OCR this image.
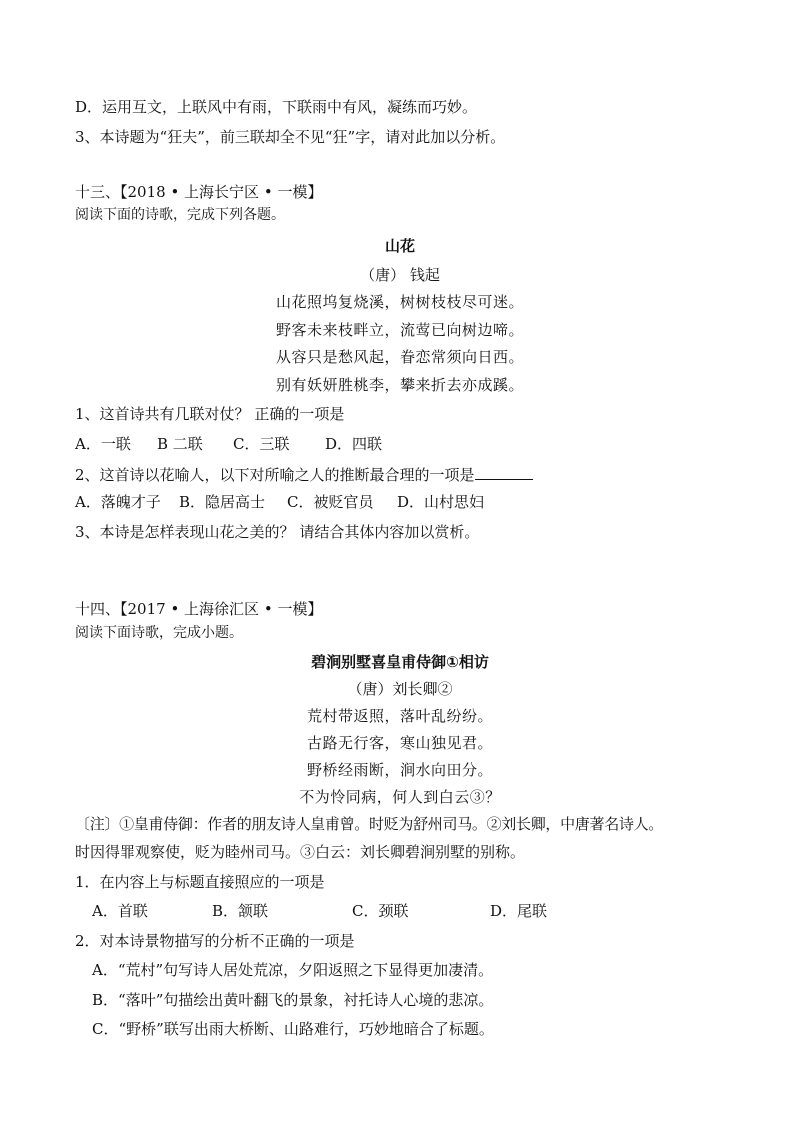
D．运用互文，上联风中有雨，下联雨中有风，凝练而巧妙。
3、本诗题为“狂夫”，前三联却全不见“狂”字，请对此加以分析。
十三、【2018 • 上海长宁区 • 一模】
阅读下面的诗歌，完成下列各题。
山花
（唐） 钱起
山花照坞复烧溪，树树枝枝尽可迷。
野客未来枝畔立，流莺已向树边啼。
从容只是愁风起，眷恋常须向日西。
别有妖妍胜桃李，攀来折去亦成蹊。
1、这首诗共有几联对仗？ 正确的一项是
A．一联 B 二联 C．三联 D．四联
2、这首诗以花喻人，以下对所喻之人的推断最合理的一项是
A．落魄才子 B．隐居高士 C．被贬官员 D．山村思妇
3、本诗是怎样表现山花之美的？ 请结合其体内容加以赏析。
十四、【2017 • 上海徐汇区 • 一模】
阅读下面诗歌，完成小题。
碧涧别墅喜皇甫侍御①相访
（唐）刘长卿②
荒村带返照，落叶乱纷纷。
古路无行客，寒山独见君。
野桥经雨断，涧水向田分。
不为怜同病，何人到白云③？
〔注〕①皇甫侍御：作者的朋友诗人皇甫曾。时贬为舒州司马。②刘长卿，中唐著名诗人。
时因得罪观察使，贬为睦州司马。③白云：刘长卿碧涧别墅的别称。
1．在内容上与标题直接照应的一项是
A．首联	B．颔联	C．颈联	D．尾联
2．对本诗景物描写的分析不正确的一项是
A．“荒村”句写诗人居处荒凉，夕阳返照之下显得更加凄清。
B．“落叶”句描绘出黄叶翻飞的景象，衬托诗人心境的悲凉。
C．“野桥”联写出雨大桥断、山路难行，巧妙地暗合了标题。
